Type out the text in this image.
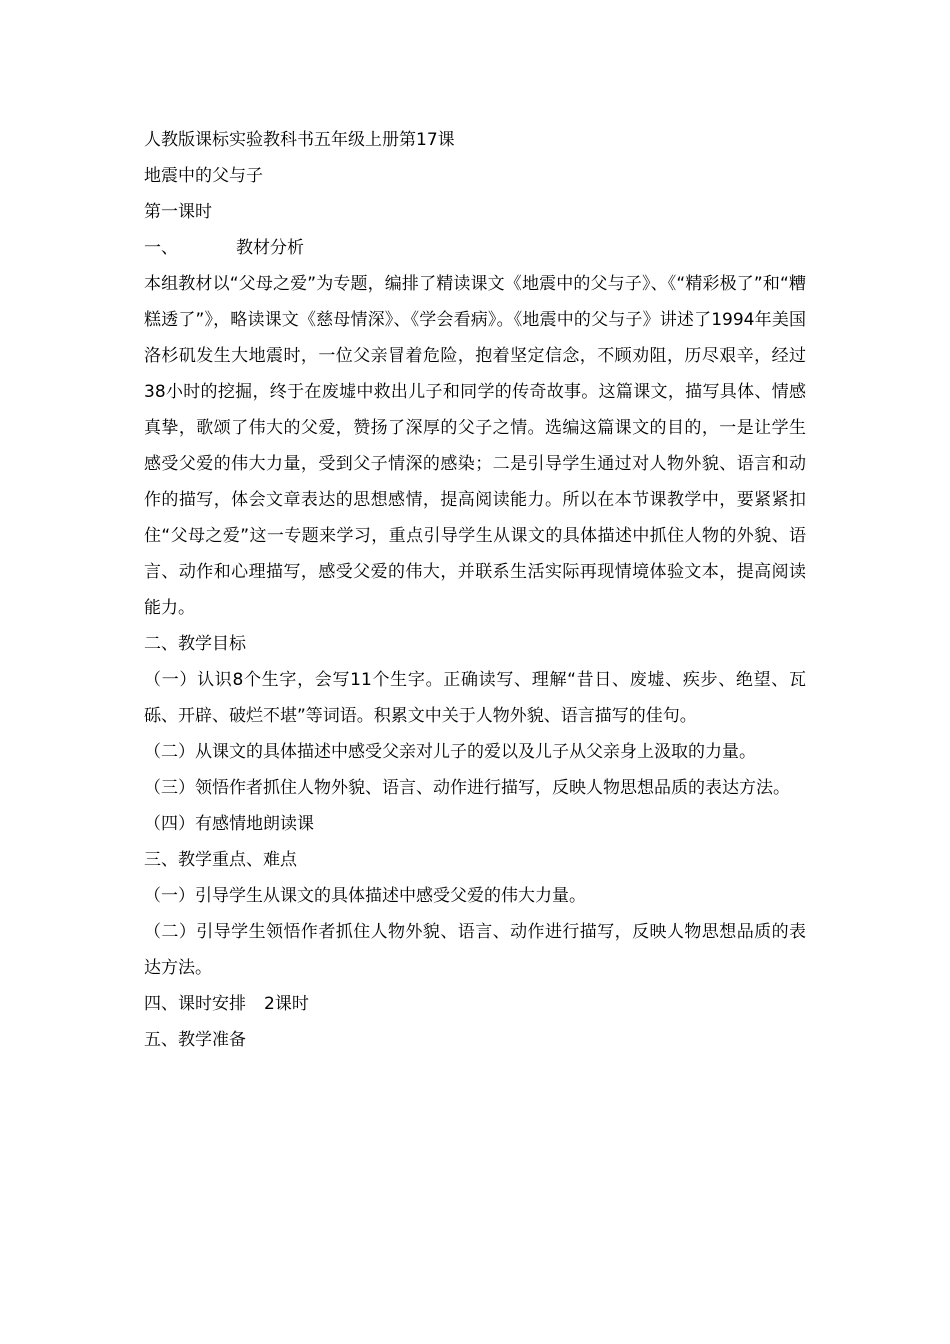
人教版课标实验教科书五年级上册第17课

地震中的父与子

第一课时

一、	教材分析

本组教材以“父母之爱”为专题，编排了精读课文《地震中的父与子》、《“精彩极了”和“糟糕透了”》，略读课文《慈母情深》、《学会看病》。《地震中的父与子》讲述了1994年美国洛杉矶发生大地震时，一位父亲冒着危险，抱着坚定信念，不顾劝阻，历尽艰辛，经过38小时的挖掘，终于在废墟中救出儿子和同学的传奇故事。这篇课文，描写具体、情感真挚，歌颂了伟大的父爱，赞扬了深厚的父子之情。选编这篇课文的目的，一是让学生感受父爱的伟大力量，受到父子情深的感染；二是引导学生通过对人物外貌、语言和动作的描写，体会文章表达的思想感情，提高阅读能力。所以在本节课教学中，要紧紧扣住“父母之爱”这一专题来学习，重点引导学生从课文的具体描述中抓住人物的外貌、语言、动作和心理描写，感受父爱的伟大，并联系生活实际再现情境体验文本，提高阅读能力。

二、教学目标

（一）认识8个生字，会写11个生字。正确读写、理解“昔日、废墟、疾步、绝望、瓦砾、开辟、破烂不堪”等词语。积累文中关于人物外貌、语言描写的佳句。

（二）从课文的具体描述中感受父亲对儿子的爱以及儿子从父亲身上汲取的力量。

（三）领悟作者抓住人物外貌、语言、动作进行描写，反映人物思想品质的表达方法。

（四）有感情地朗读课

三、教学重点、难点

（一）引导学生从课文的具体描述中感受父爱的伟大力量。

（二）引导学生领悟作者抓住人物外貌、语言、动作进行描写，反映人物思想品质的表达方法。

四、课时安排 2课时

五、教学准备
